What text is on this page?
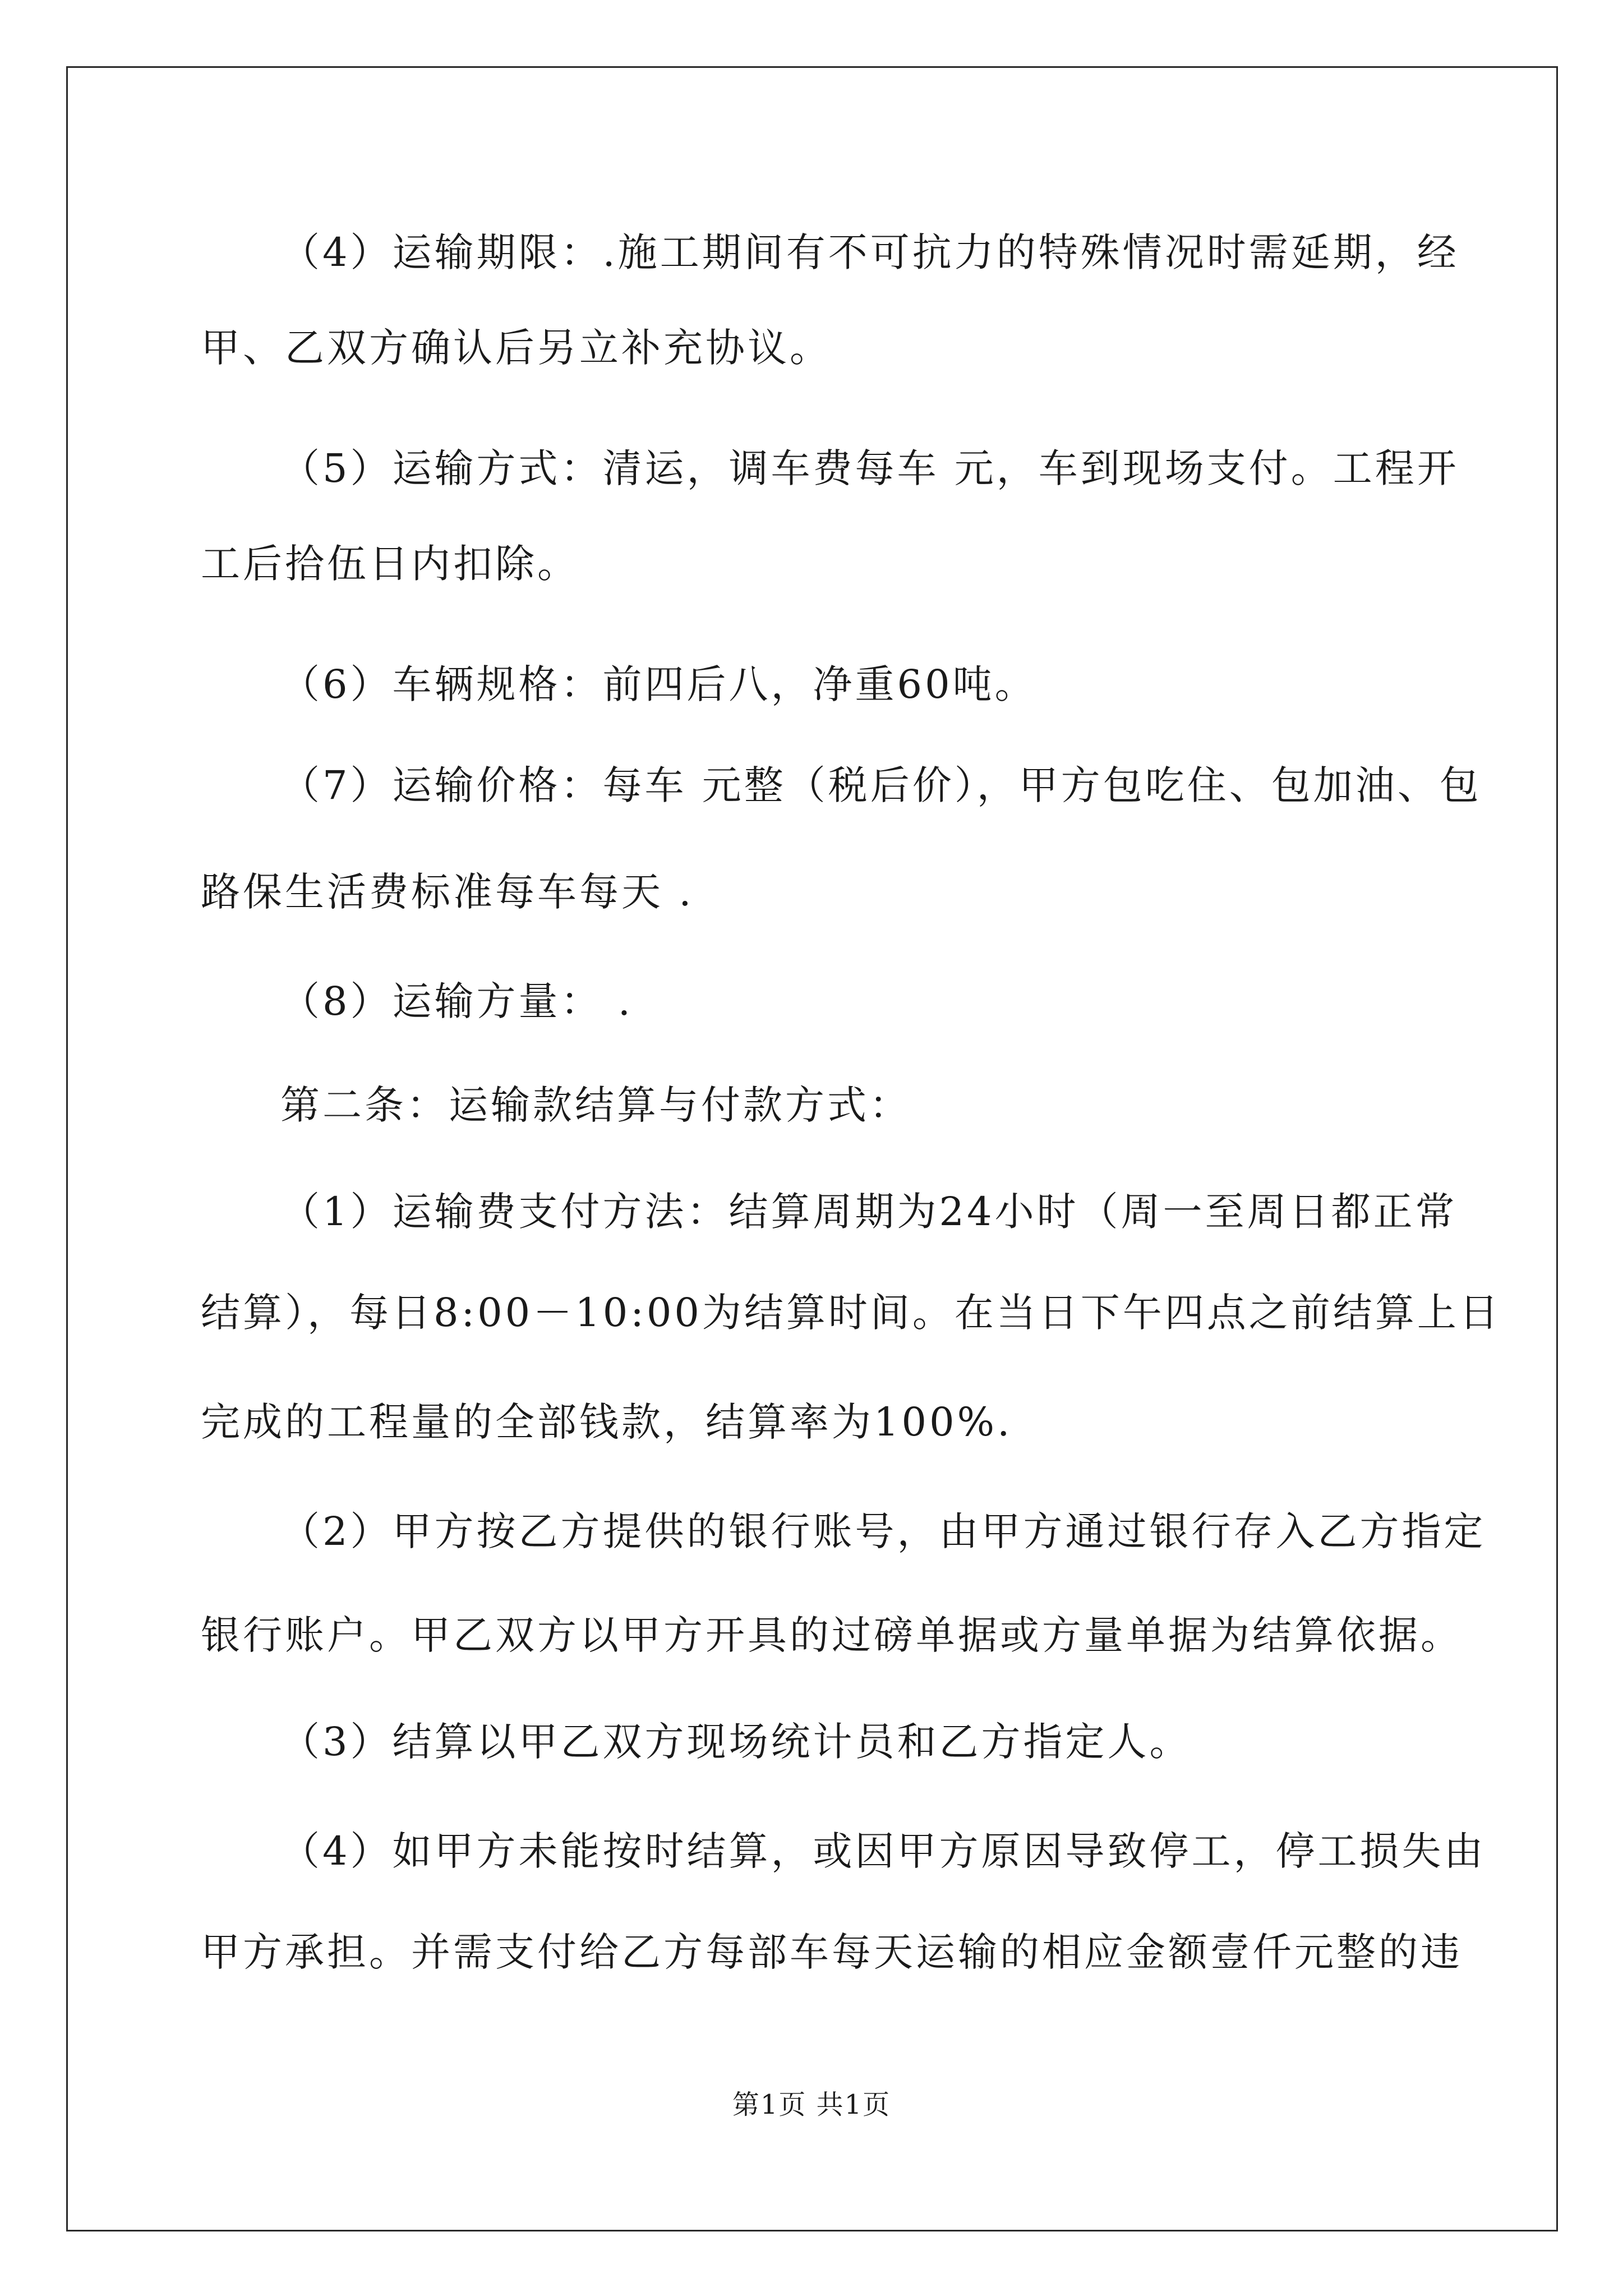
（4）运输期限：.施工期间有不可抗力的特殊情况时需延期，经
甲、乙双方确认后另立补充协议。
（5）运输方式：清运，调车费每车 元，车到现场支付。工程开
工后拾伍日内扣除。
（6）车辆规格：前四后八，净重60吨。
（7）运输价格：每车 元整（税后价），甲方包吃住、包加油、包
路保生活费标准每车每天 .
（8）运输方量： .
第二条：运输款结算与付款方式：
（1）运输费支付方法：结算周期为24小时（周一至周日都正常
结算），每日8:00－10:00为结算时间。在当日下午四点之前结算上日
完成的工程量的全部钱款，结算率为100%.
（2）甲方按乙方提供的银行账号，由甲方通过银行存入乙方指定
银行账户。甲乙双方以甲方开具的过磅单据或方量单据为结算依据。
（3）结算以甲乙双方现场统计员和乙方指定人。
（4）如甲方未能按时结算，或因甲方原因导致停工，停工损失由
甲方承担。并需支付给乙方每部车每天运输的相应金额壹仟元整的违
第1页 共1页
